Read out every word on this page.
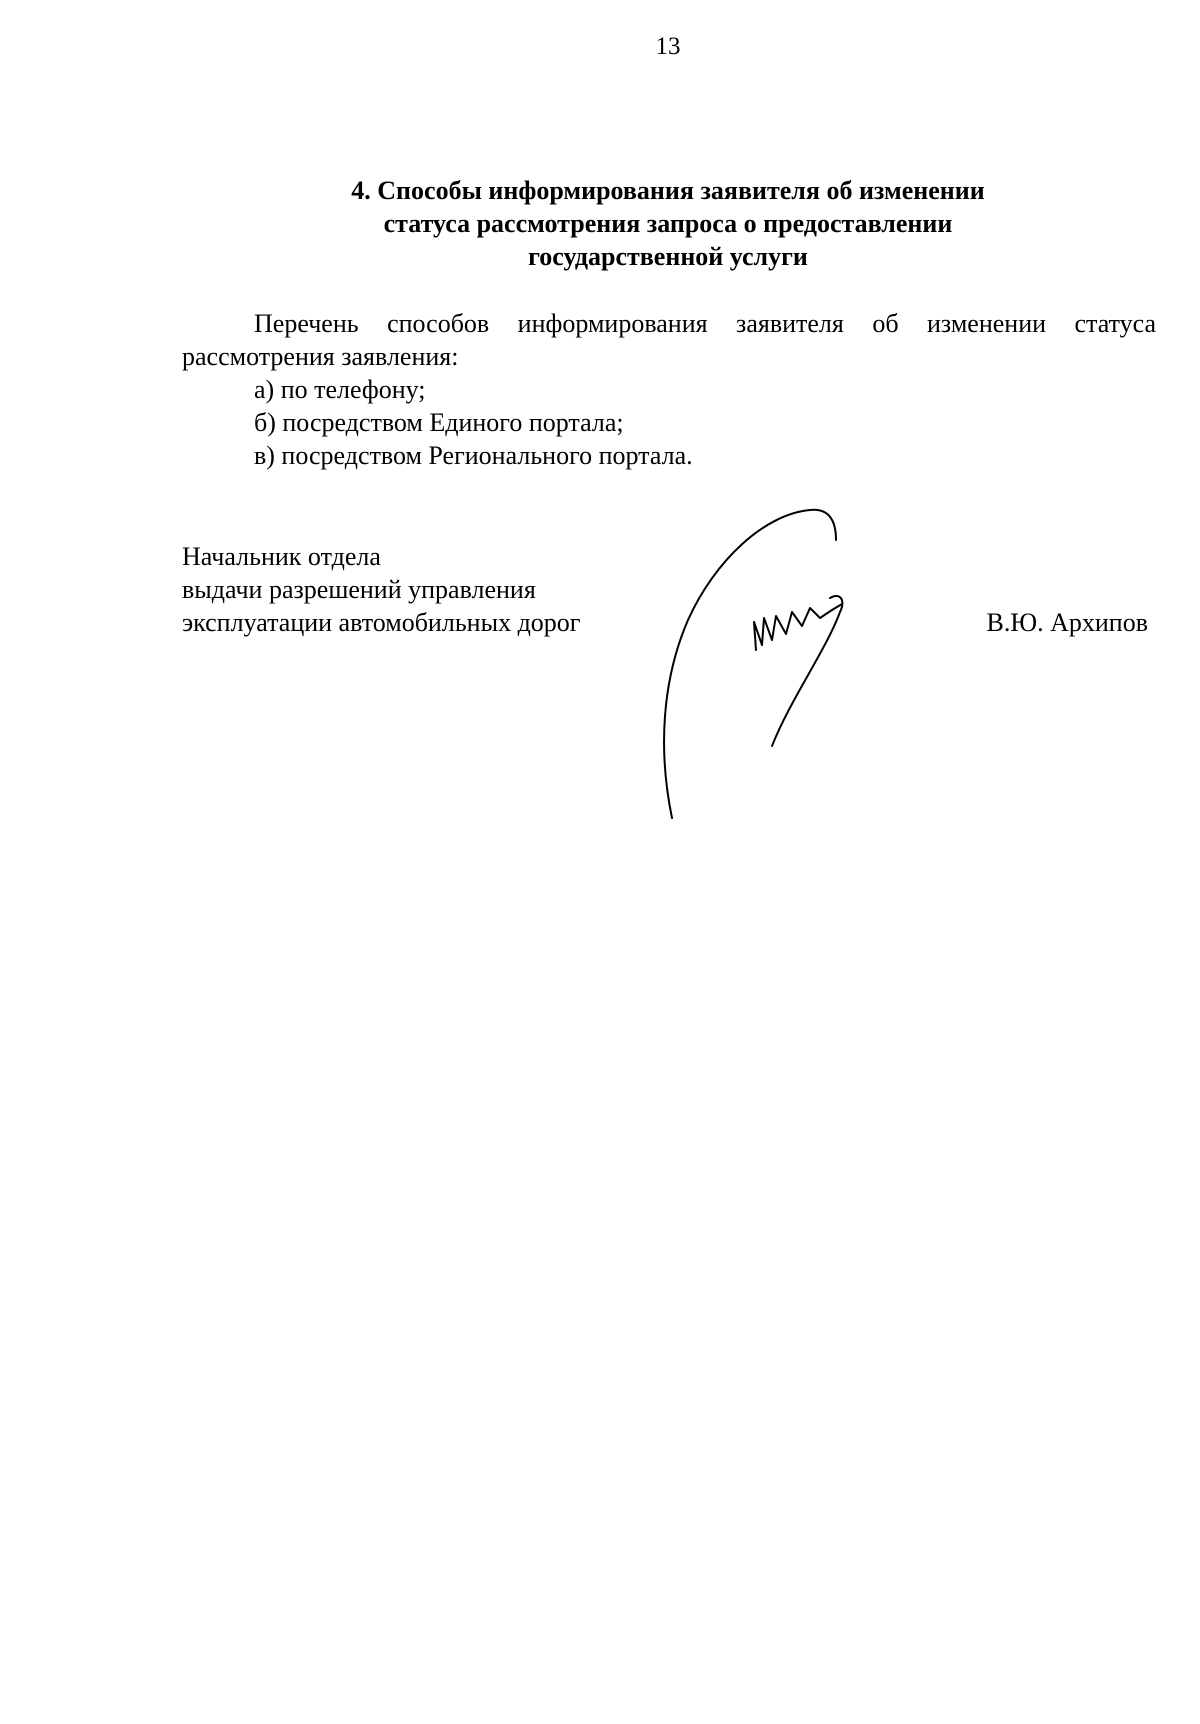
13
4. Способы информирования заявителя об изменении
статуса рассмотрения запроса о предоставлении
государственной услуги
Перечень способов информирования заявителя об изменении статуса рассмотрения заявления:
а) по телефону;
б) посредством Единого портала;
в) посредством Регионального портала.
Начальник отдела
выдачи разрешений управления
эксплуатации автомобильных дорог	В.Ю. Архипов
